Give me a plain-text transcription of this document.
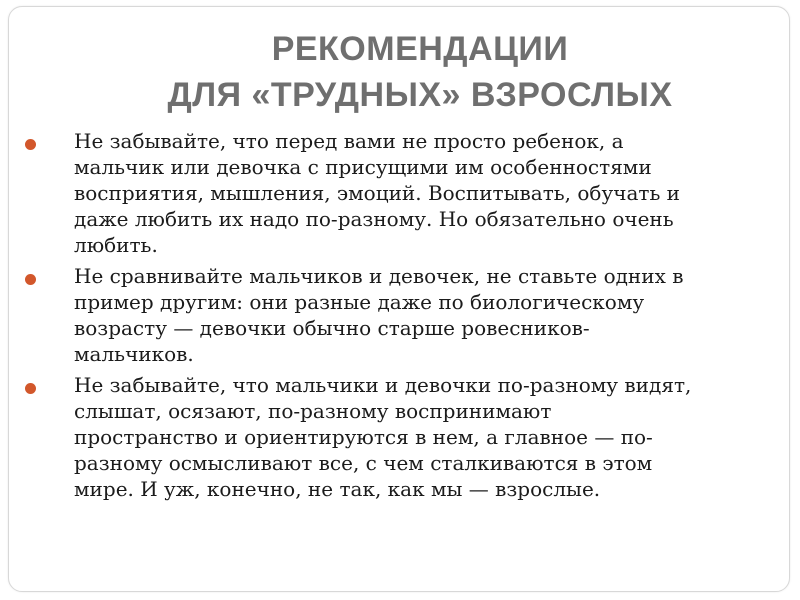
РЕКОМЕНДАЦИИ
ДЛЯ «ТРУДНЫХ» ВЗРОСЛЫХ
Не забывайте, что перед вами не просто ребенок, а
мальчик или девочка с присущими им особенностями
восприятия, мышления, эмоций. Воспитывать, обучать и
даже любить их надо по-разному. Но обязательно очень
любить.
Не сравнивайте мальчиков и девочек, не ставьте одних в
пример другим: они разные даже по биологическому
возрасту — девочки обычно старше ровесников-
мальчиков.
Не забывайте, что мальчики и девочки по-разному видят,
слышат, осязают, по-разному воспринимают
пространство и ориентируются в нем, а главное — по-
разному осмысливают все, с чем сталкиваются в этом
мире. И уж, конечно, не так, как мы — взрослые.
